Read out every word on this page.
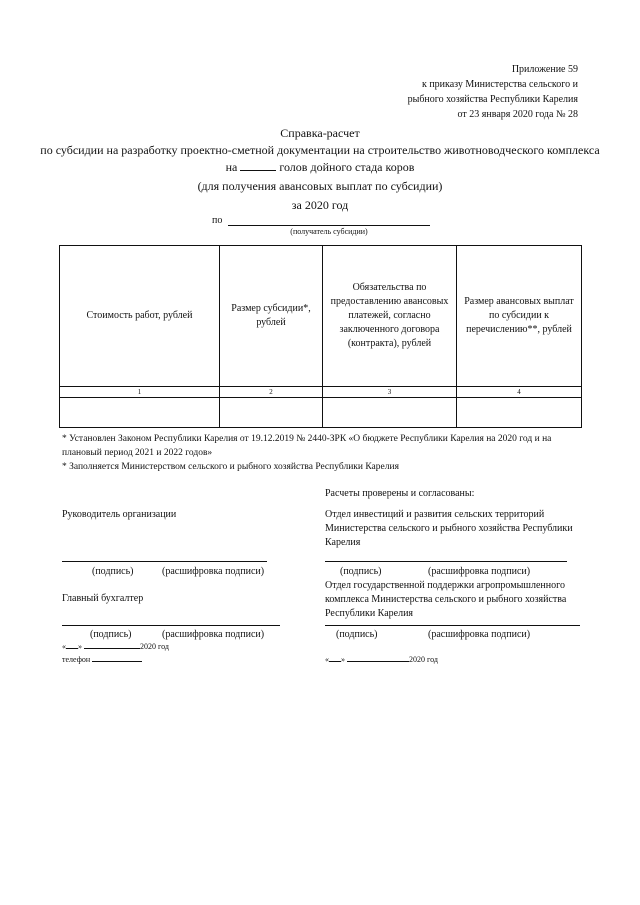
Приложение 59
к приказу Министерства сельского и
рыбного хозяйства Республики Карелия
от 23 января 2020 года № 28
Справка-расчет
по субсидии на разработку проектно-сметной документации на строительство животноводческого комплекса
на	голов дойного стада коров
(для получения авансовых выплат по субсидии)
за 2020 год
по
(получатель субсидии)
Стоимость работ, рублей	Размер субсидии*, рублей	Обязательства по предоставлению авансовых платежей, согласно заключенного договора (контракта), рублей	Размер авансовых выплат по субсидии к перечислению**, рублей
1	2	3	4

* Установлен Законом Республики Карелия от 19.12.2019 № 2440-ЗРК «О бюджете Республики Карелия на 2020 год и на плановый период 2021 и 2022 годов»
* Заполняется Министерством сельского и рыбного хозяйства Республики Карелия
Расчеты проверены и согласованы:
Руководитель организации	Отдел инвестиций и развития сельских территорий Министерства сельского и рыбного хозяйства Республики Карелия
(подпись)	(расшифровка подписи)	(подпись)	(расшифровка подписи)
Отдел государственной поддержки агропромышленного комплекса Министерства сельского и рыбного хозяйства Республики Карелия
Главный бухгалтер
(подпись)	(расшифровка подписи)	(подпись)	(расшифровка подписи)
« »	2020 год
телефон	« »	2020 год
